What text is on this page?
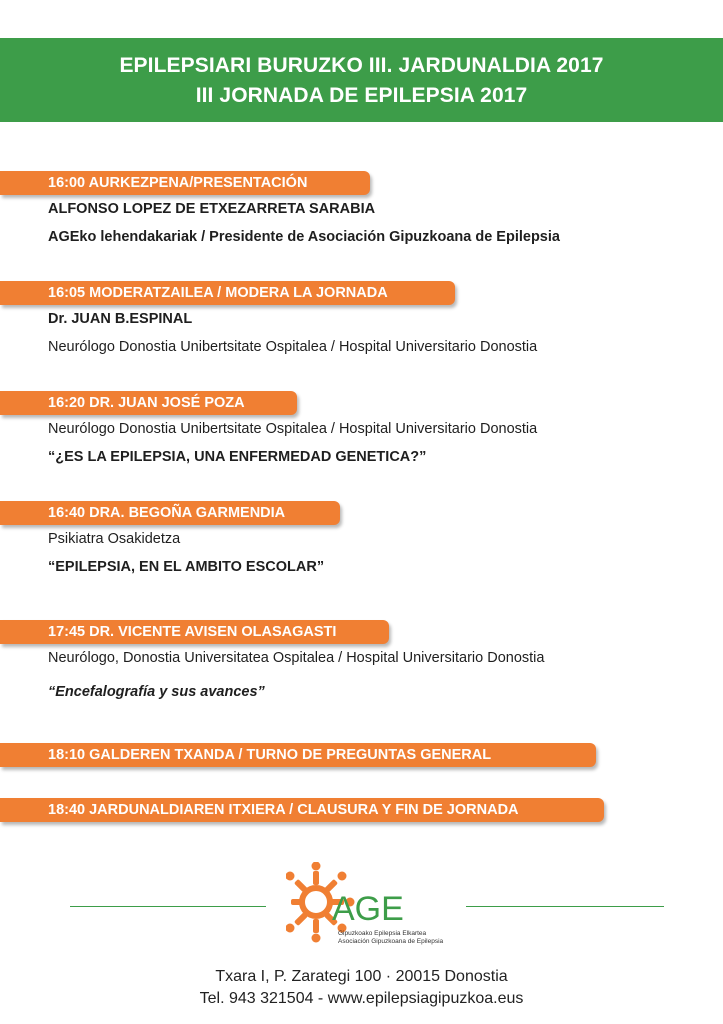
EPILEPSIARI BURUZKO III. JARDUNALDIA 2017
III JORNADA DE EPILEPSIA 2017
16:00 AURKEZPENA/PRESENTACIÓN
ALFONSO LOPEZ DE ETXEZARRETA SARABIA
AGEko lehendakariak / Presidente de Asociación Gipuzkoana de Epilepsia
16:05 MODERATZAILEA / MODERA LA JORNADA
Dr. JUAN B.ESPINAL
Neurólogo Donostia Unibertsitate Ospitalea / Hospital Universitario Donostia
16:20 DR. JUAN JOSÉ POZA
Neurólogo Donostia Unibertsitate Ospitalea / Hospital Universitario Donostia
“¿ES LA EPILEPSIA, UNA ENFERMEDAD GENETICA?”
16:40 DRA. BEGOÑA GARMENDIA
Psikiatra Osakidetza
“EPILEPSIA, EN EL AMBITO ESCOLAR”
17:45 DR. VICENTE AVISEN OLASAGASTI
Neurólogo, Donostia Universitatea Ospitalea / Hospital Universitario Donostia
“Encefalografía y sus avances”
18:10 GALDEREN TXANDA / TURNO DE PREGUNTAS GENERAL
18:40 JARDUNALDIAREN ITXIERA / CLAUSURA Y FIN DE JORNADA
AGE
Gipuzkoako Epilepsia Elkartea
Asociación Gipuzkoana de Epilepsia
Txara I, P. Zarategi 100 · 20015 Donostia
Tel. 943 321504 - www.epilepsiagipuzkoa.eus
